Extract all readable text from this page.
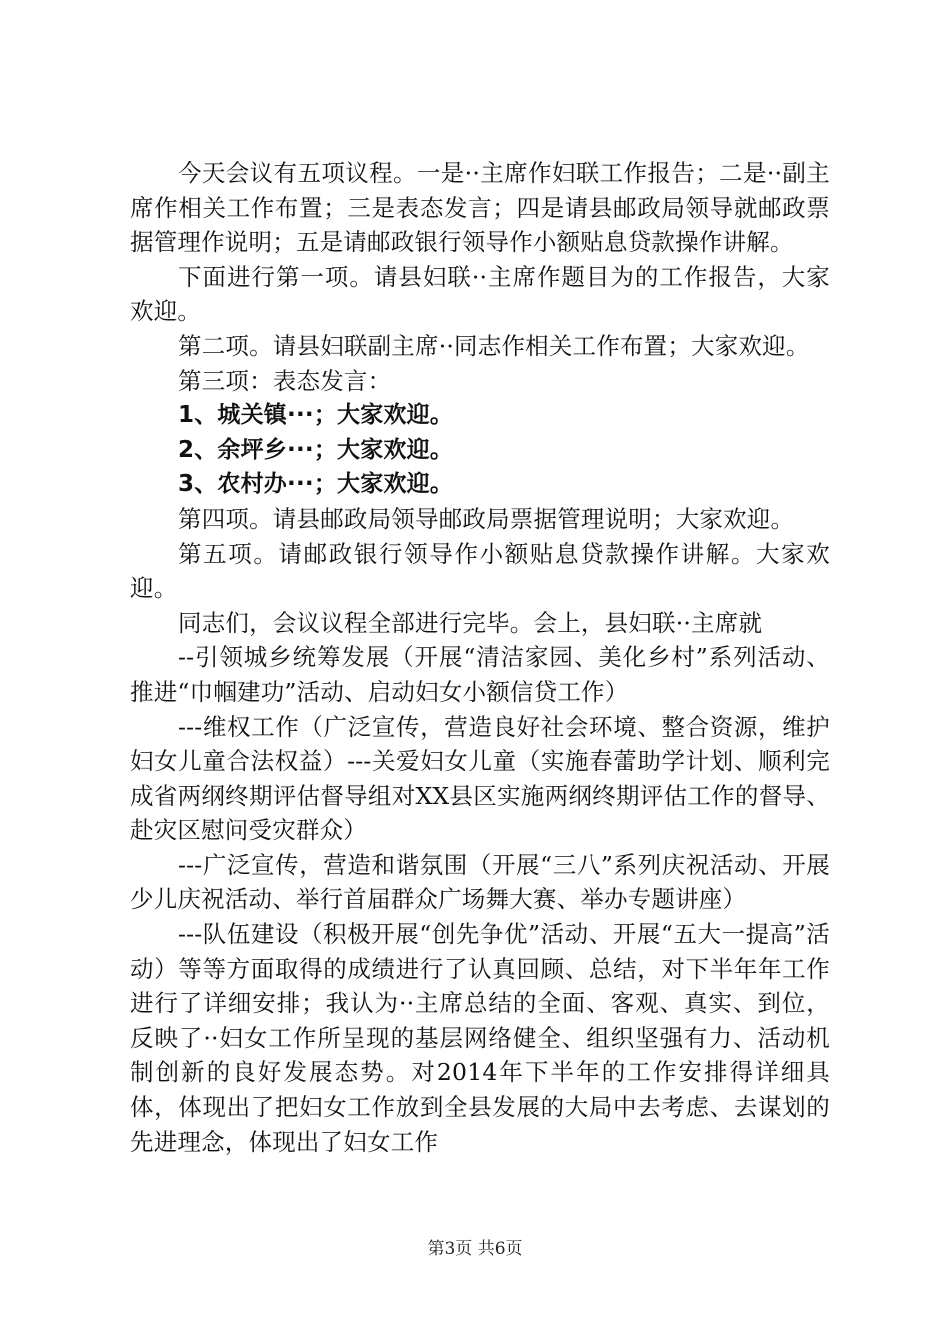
今天会议有五项议程。一是··主席作妇联工作报告；二是··副主席作相关工作布置；三是表态发言；四是请县邮政局领导就邮政票据管理作说明；五是请邮政银行领导作小额贴息贷款操作讲解。

下面进行第一项。请县妇联··主席作题目为的工作报告，大家欢迎。

第二项。请县妇联副主席··同志作相关工作布置；大家欢迎。

第三项：表态发言：

1、城关镇···；大家欢迎。

2、余坪乡···；大家欢迎。

3、农村办···；大家欢迎。

第四项。请县邮政局领导邮政局票据管理说明；大家欢迎。

第五项。请邮政银行领导作小额贴息贷款操作讲解。大家欢迎。

同志们，会议议程全部进行完毕。会上，县妇联··主席就

--引领城乡统筹发展（开展“清洁家园、美化乡村”系列活动、推进“巾帼建功”活动、启动妇女小额信贷工作）

---维权工作（广泛宣传，营造良好社会环境、整合资源，维护妇女儿童合法权益）---关爱妇女儿童（实施春蕾助学计划、顺利完成省两纲终期评估督导组对XX县区实施两纲终期评估工作的督导、赴灾区慰问受灾群众）

---广泛宣传，营造和谐氛围（开展“三八”系列庆祝活动、开展少儿庆祝活动、举行首届群众广场舞大赛、举办专题讲座）

---队伍建设（积极开展“创先争优”活动、开展“五大一提高”活动）等等方面取得的成绩进行了认真回顾、总结，对下半年年工作进行了详细安排；我认为··主席总结的全面、客观、真实、到位，反映了··妇女工作所呈现的基层网络健全、组织坚强有力、活动机制创新的良好发展态势。对2014年下半年的工作安排得详细具体，体现出了把妇女工作放到全县发展的大局中去考虑、去谋划的先进理念，体现出了妇女工作

第3页 共6页
